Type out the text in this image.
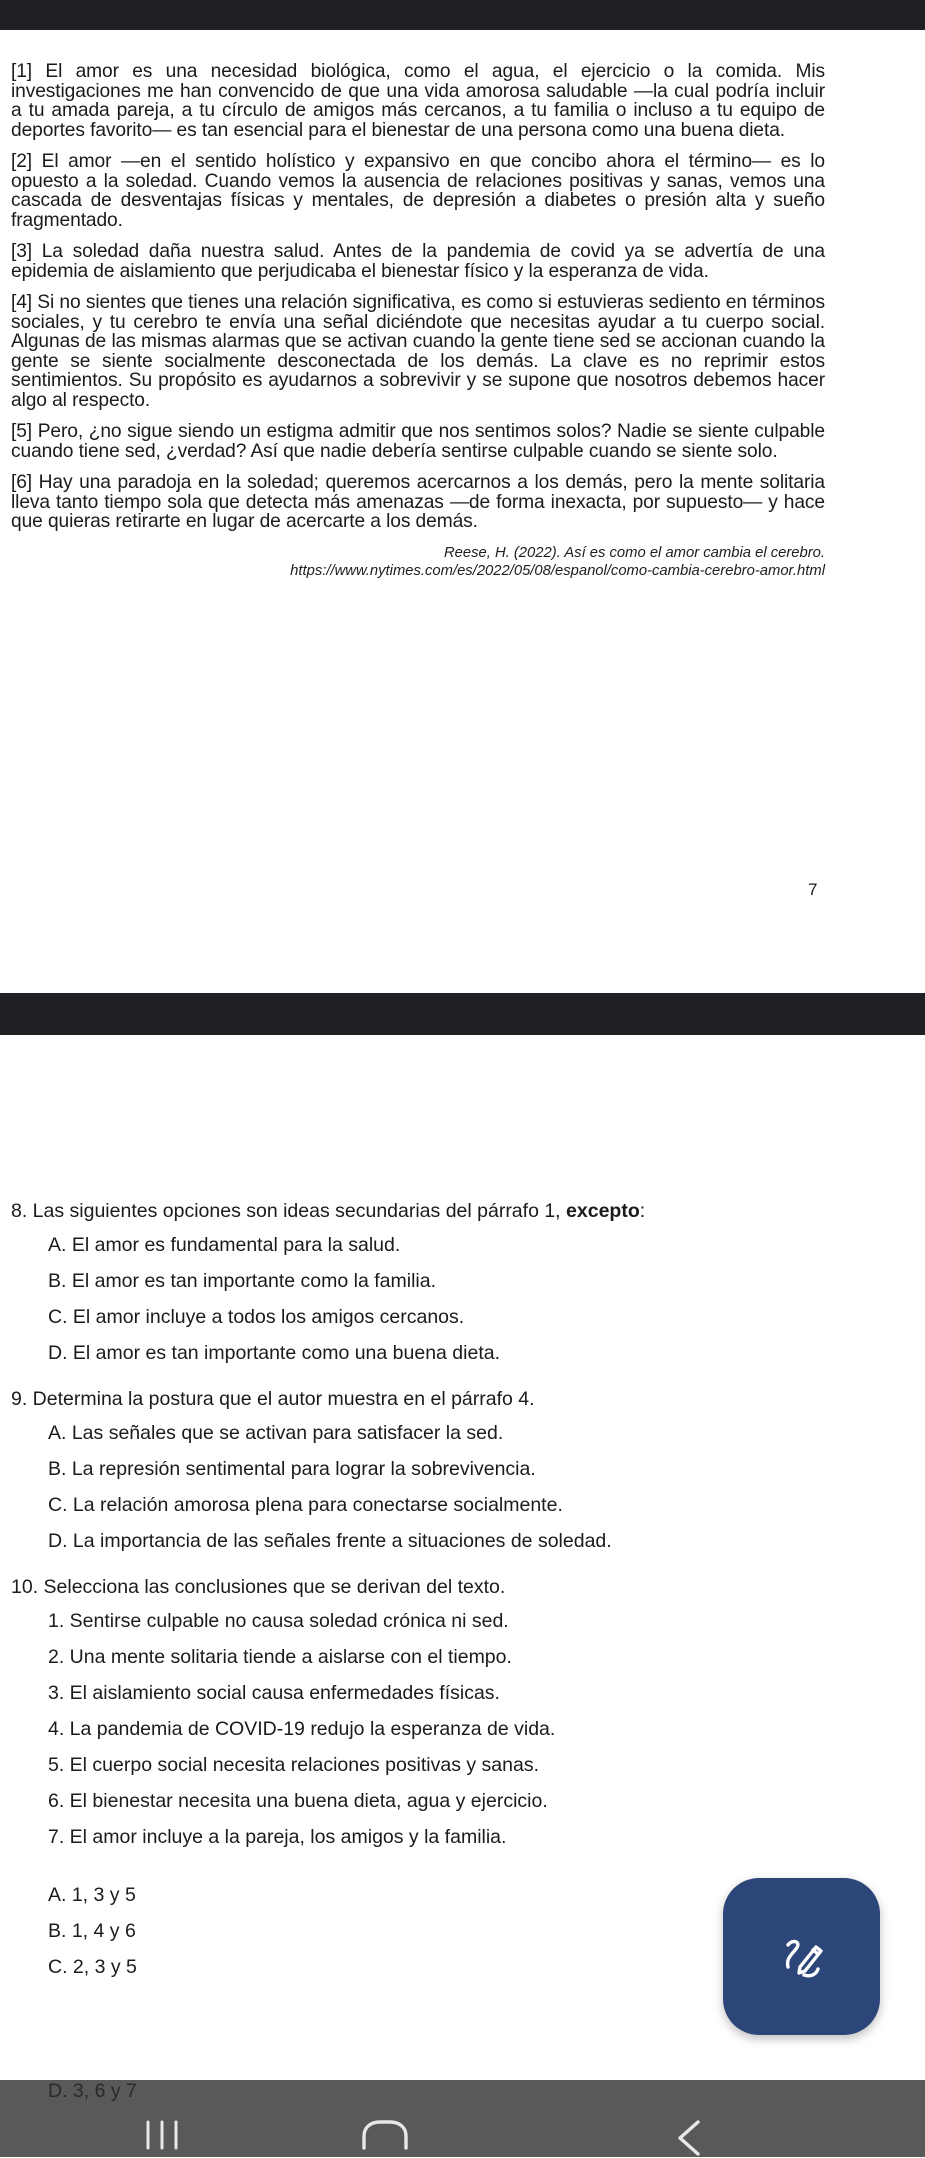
[1] El amor es una necesidad biológica, como el agua, el ejercicio o la comida. Mis investigaciones me han convencido de que una vida amorosa saludable —la cual podría incluir a tu amada pareja, a tu círculo de amigos más cercanos, a tu familia o incluso a tu equipo de deportes favorito— es tan esencial para el bienestar de una persona como una buena dieta.

[2] El amor —en el sentido holístico y expansivo en que concibo ahora el término— es lo opuesto a la soledad. Cuando vemos la ausencia de relaciones positivas y sanas, vemos una cascada de desventajas físicas y mentales, de depresión a diabetes o presión alta y sueño fragmentado.

[3] La soledad daña nuestra salud. Antes de la pandemia de covid ya se advertía de una epidemia de aislamiento que perjudicaba el bienestar físico y la esperanza de vida.

[4] Si no sientes que tienes una relación significativa, es como si estuvieras sediento en términos sociales, y tu cerebro te envía una señal diciéndote que necesitas ayudar a tu cuerpo social. Algunas de las mismas alarmas que se activan cuando la gente tiene sed se accionan cuando la gente se siente socialmente desconectada de los demás. La clave es no reprimir estos sentimientos. Su propósito es ayudarnos a sobrevivir y se supone que nosotros debemos hacer algo al respecto.

[5] Pero, ¿no sigue siendo un estigma admitir que nos sentimos solos? Nadie se siente culpable cuando tiene sed, ¿verdad? Así que nadie debería sentirse culpable cuando se siente solo.

[6] Hay una paradoja en la soledad; queremos acercarnos a los demás, pero la mente solitaria lleva tanto tiempo sola que detecta más amenazas —de forma inexacta, por supuesto— y hace que quieras retirarte en lugar de acercarte a los demás.

Reese, H. (2022). Así es como el amor cambia el cerebro.
https://www.nytimes.com/es/2022/05/08/espanol/como-cambia-cerebro-amor.html
7
8. Las siguientes opciones son ideas secundarias del párrafo 1, excepto:
A. El amor es fundamental para la salud.
B. El amor es tan importante como la familia.
C. El amor incluye a todos los amigos cercanos.
D. El amor es tan importante como una buena dieta.
9. Determina la postura que el autor muestra en el párrafo 4.
A. Las señales que se activan para satisfacer la sed.
B. La represión sentimental para lograr la sobrevivencia.
C. La relación amorosa plena para conectarse socialmente.
D. La importancia de las señales frente a situaciones de soledad.
10. Selecciona las conclusiones que se derivan del texto.
1. Sentirse culpable no causa soledad crónica ni sed.
2. Una mente solitaria tiende a aislarse con el tiempo.
3. El aislamiento social causa enfermedades físicas.
4. La pandemia de COVID-19 redujo la esperanza de vida.
5. El cuerpo social necesita relaciones positivas y sanas.
6. El bienestar necesita una buena dieta, agua y ejercicio.
7. El amor incluye a la pareja, los amigos y la familia.
A. 1, 3 y 5
B. 1, 4 y 6
C. 2, 3 y 5
D. 3, 6 y 7
